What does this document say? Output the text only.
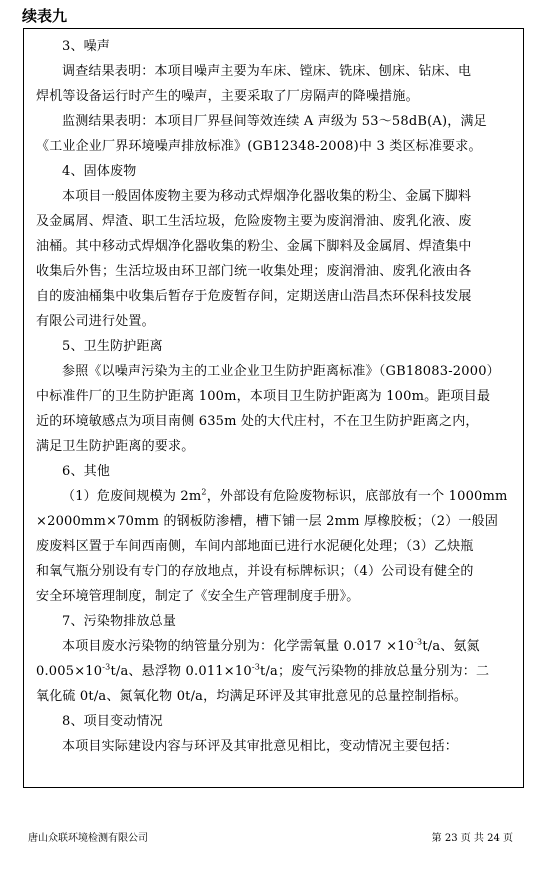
续表九
3、噪声
调查结果表明：本项目噪声主要为车床、镗床、铣床、刨床、钻床、电
焊机等设备运行时产生的噪声，主要采取了厂房隔声的降噪措施。
监测结果表明：本项目厂界昼间等效连续 A 声级为 53～58dB(A)，满足
《工业企业厂界环境噪声排放标准》(GB12348-2008)中 3 类区标准要求。
4、固体废物
本项目一般固体废物主要为移动式焊烟净化器收集的粉尘、金属下脚料
及金属屑、焊渣、职工生活垃圾，危险废物主要为废润滑油、废乳化液、废
油桶。其中移动式焊烟净化器收集的粉尘、金属下脚料及金属屑、焊渣集中
收集后外售；生活垃圾由环卫部门统一收集处理；废润滑油、废乳化液由各
自的废油桶集中收集后暂存于危废暂存间，定期送唐山浩昌杰环保科技发展
有限公司进行处置。
5、卫生防护距离
参照《以噪声污染为主的工业企业卫生防护距离标准》（GB18083-2000）
中标准件厂的卫生防护距离 100m，本项目卫生防护距离为 100m。距项目最
近的环境敏感点为项目南侧 635m 处的大代庄村，不在卫生防护距离之内，
满足卫生防护距离的要求。
6、其他
（1）危废间规模为 $2m^2$，外部设有危险废物标识，底部放有一个 1000mm
×2000mm×70mm 的钢板防渗槽，槽下铺一层 2mm 厚橡胶板；（2）一般固
废废料区置于车间西南侧，车间内部地面已进行水泥硬化处理；（3）乙炔瓶
和氧气瓶分别设有专门的存放地点，并设有标牌标识；（4）公司设有健全的
安全环境管理制度，制定了《安全生产管理制度手册》。
7、污染物排放总量
本项目废水污染物的纳管量分别为：化学需氧量 $0.017 \times 10^{-3}t/a$、氨氮
$0.005\times 10^{-3}t/a$、悬浮物 $0.011\times 10^{-3}t/a$；废气污染物的排放总量分别为：二
氧化硫 0t/a、氮氧化物 0t/a，均满足环评及其审批意见的总量控制指标。
8、项目变动情况
本项目实际建设内容与环评及其审批意见相比，变动情况主要包括：
唐山众联环境检测有限公司	第 23 页 共 24 页
